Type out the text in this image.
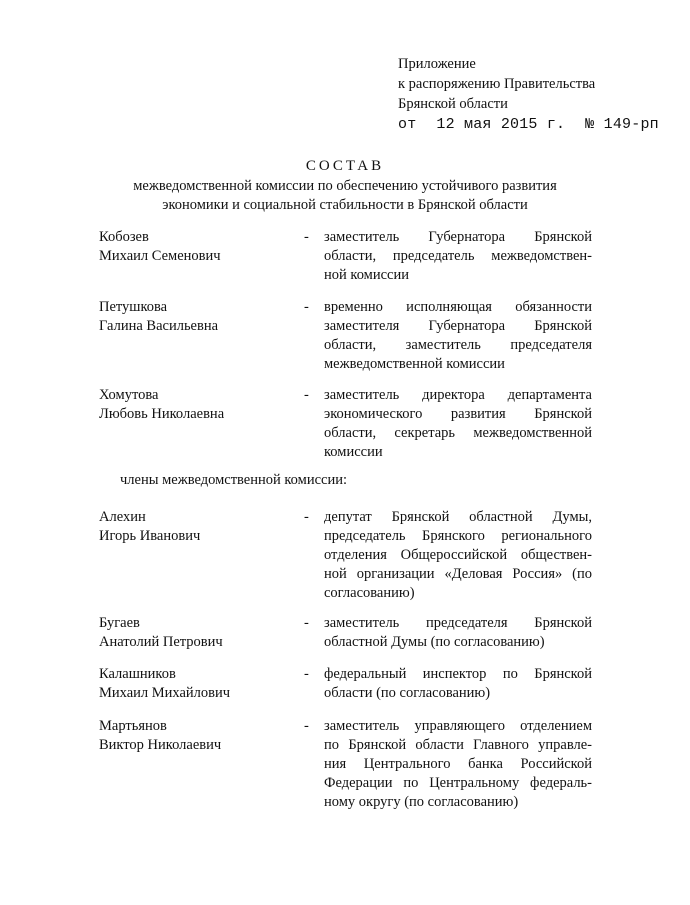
Приложение
к распоряжению Правительства
Брянской области
от 12 мая 2015 г. № 149-рп
СОСТАВ
межведомственной комиссии по обеспечению устойчивого развития
экономики и социальной стабильности в Брянской области
Кобозев
Михаил Семенович
- заместитель Губернатора Брянской
области, председатель межведомствен-
ной комиссии
Петушкова
Галина Васильевна
- временно исполняющая обязанности
заместителя Губернатора Брянской
области, заместитель председателя
межведомственной комиссии
Хомутова
Любовь Николаевна
- заместитель директора департамента
экономического развития Брянской
области, секретарь межведомственной
комиссии
члены межведомственной комиссии:
Алехин
Игорь Иванович
- депутат Брянской областной Думы,
председатель Брянского регионального
отделения Общероссийской обществен-
ной организации «Деловая Россия» (по
согласованию)
Бугаев
Анатолий Петрович
- заместитель председателя Брянской
областной Думы (по согласованию)
Калашников
Михаил Михайлович
- федеральный инспектор по Брянской
области (по согласованию)
Мартьянов
Виктор Николаевич
- заместитель управляющего отделением
по Брянской области Главного управле-
ния Центрального банка Российской
Федерации по Центральному федераль-
ному округу (по согласованию)
